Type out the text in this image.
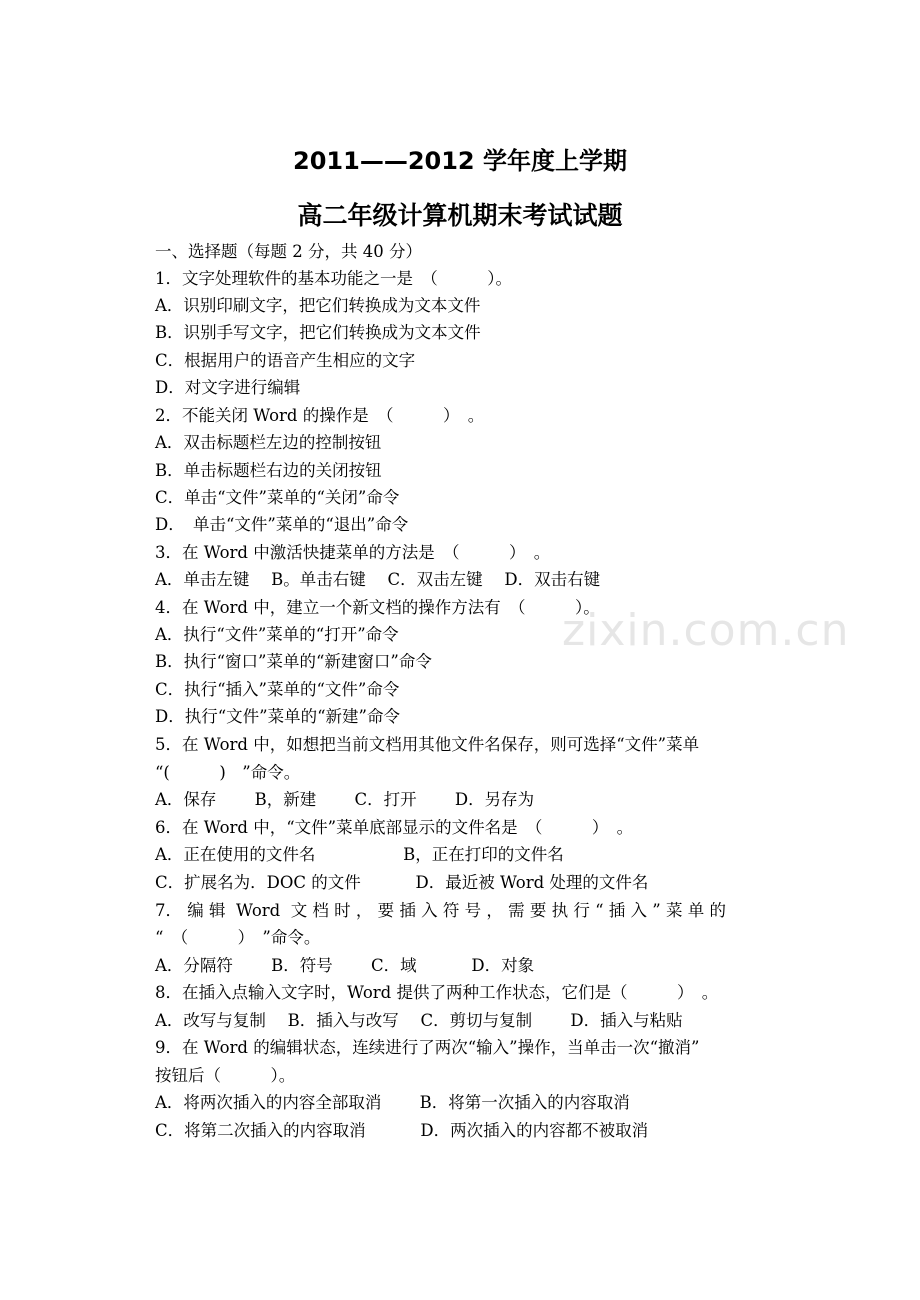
zixin.com.cn
2011——2012 学年度上学期
高二年级计算机期末考试试题
一、选择题（每题 2 分，共 40 分）
1．文字处理软件的基本功能之一是　（　　　）。
A．识别印刷文字，把它们转换成为文本文件
B．识别手写文字，把它们转换成为文本文件
C．根据用户的语音产生相应的文字
D．对文字进行编辑
2．不能关闭 Word 的操作是　（　　　）　。
A．双击标题栏左边的控制按钮
B．单击标题栏右边的关闭按钮
C．单击“文件”菜单的“关闭”命令
D．　单击“文件”菜单的“退出”命令
3．在 Word 中激活快捷菜单的方法是　（　　　）　。
A．单击左键　 B。单击右键　 C．双击左键　 D．双击右键
4．在 Word 中，建立一个新文档的操作方法有　（　　　）。
A．执行“文件”菜单的“打开”命令
B．执行“窗口”菜单的“新建窗口”命令
C．执行“插入”菜单的“文件”命令
D．执行“文件”菜单的“新建”命令
5．在 Word 中，如想把当前文档用其他文件名保存，则可选择“文件”菜单
“(　　　)　”命令。
A．保存　　 B，新建　　 C．打开　　 D．另存为
6．在 Word 中，“文件”菜单底部显示的文件名是　（　　　）　。
A．正在使用的文件名　　　　　 B，正在打印的文件名
C．扩展名为．DOC 的文件　　　 D．最近被 Word 处理的文件名
7． 编 辑  Word  文 档 时 ， 要 插 入 符 号 ， 需 要 执 行 “ 插 入 ” 菜 单 的
“　（　　　）　”命令。
A．分隔符　　 B．符号　　 C．域　　　 D．对象
8．在插入点输入文字时，Word 提供了两种工作状态，它们是（　　　）　。
A．改写与复制　 B．插入与改写　 C．剪切与复制　　 D．插入与粘贴
9．在 Word 的编辑状态，连续进行了两次“输入”操作，当单击一次“撤消”
按钮后（　　　）。
A．将两次插入的内容全部取消　　 B．将第一次插入的内容取消
C．将第二次插入的内容取消　　　 D．两次插入的内容都不被取消
